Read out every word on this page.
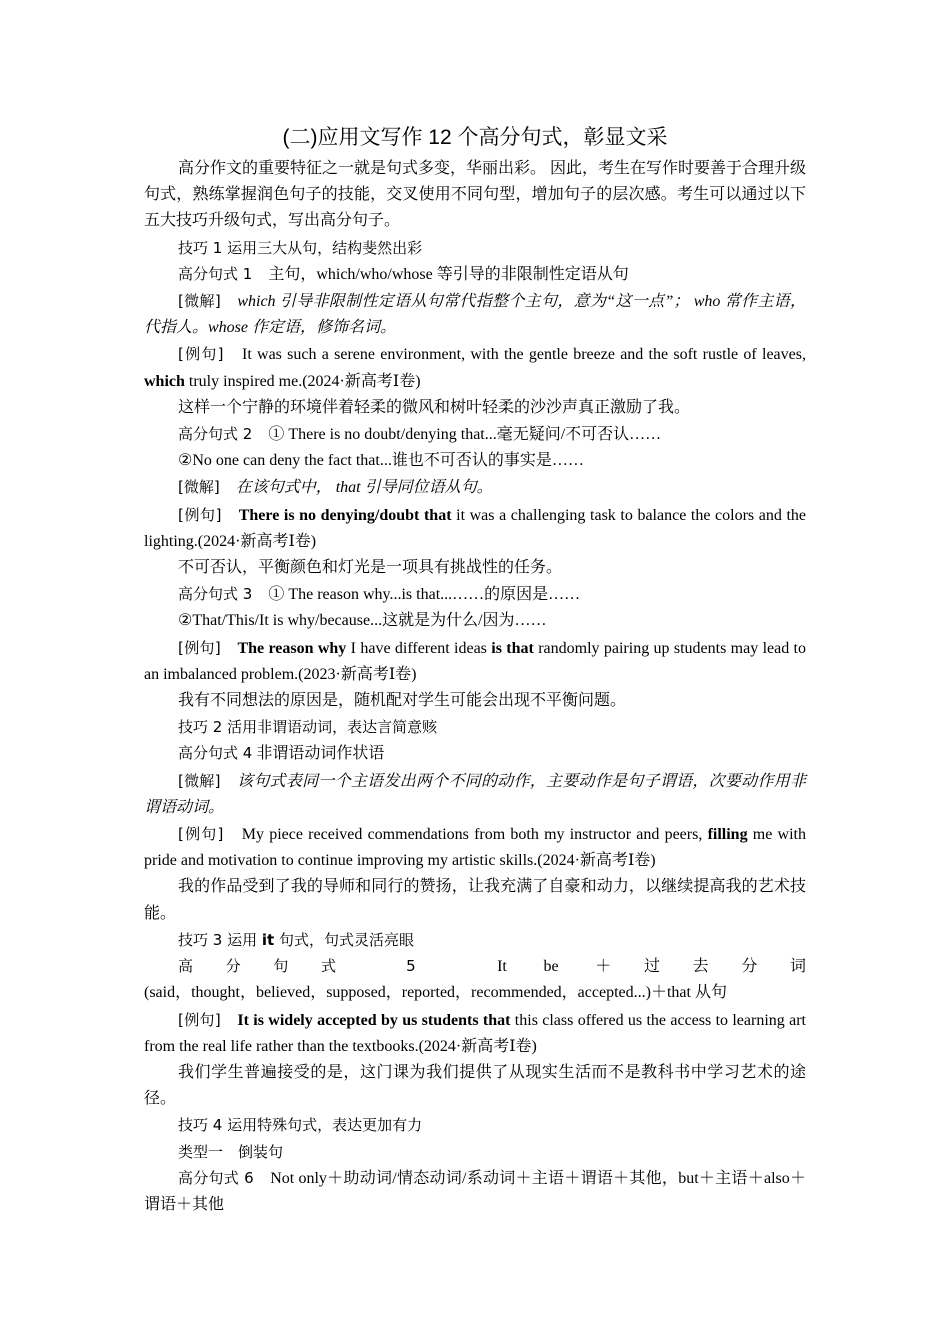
(二)应用文写作 12 个高分句式，彰显文采

高分作文的重要特征之一就是句式多变，华丽出彩。 因此，考生在写作时要善于合理升级句式，熟练掌握润色句子的技能，交叉使用不同句型，增加句子的层次感。考生可以通过以下五大技巧升级句式，写出高分句子。

技巧 1 运用三大从句，结构斐然出彩

高分句式 1　 主句，which/who/whose 等引导的非限制性定语从句

[微解]　 which 引导非限制性定语从句常代指整个主句，意为“这一点”； who 常作主语，代指人。whose 作定语，修饰名词。

[例句]　 It was such a serene environment, with the gentle breeze and the soft rustle of leaves, which truly inspired me.(2024·新高考Ⅰ卷)

这样一个宁静的环境伴着轻柔的微风和树叶轻柔的沙沙声真正激励了我。

高分句式 2　 ① There is no doubt/denying that...毫无疑问/不可否认……

②No one can deny the fact that...谁也不可否认的事实是……

[微解]　 在该句式中， that 引导同位语从句。

[例句]　 There is no denying/doubt that it was a challenging task to balance the colors and the lighting.(2024·新高考Ⅰ卷)

不可否认，平衡颜色和灯光是一项具有挑战性的任务。

高分句式 3　 ① The reason why...is that...……的原因是……

②That/This/It is why/because...这就是为什么/因为……

[例句]　 The reason why I have different ideas is that randomly pairing up students may lead to an imbalanced problem.(2023·新高考Ⅰ卷)

我有不同想法的原因是，随机配对学生可能会出现不平衡问题。

技巧 2 活用非谓语动词，表达言简意赅

高分句式 4 非谓语动词作状语

[微解]　 该句式表同一个主语发出两个不同的动作，主要动作是句子谓语，次要动作用非谓语动词。

[例句]　 My piece received commendations from both my instructor and peers, filling me with pride and motivation to continue improving my artistic skills.(2024·新高考Ⅰ卷)

我的作品受到了我的导师和同行的赞扬，让我充满了自豪和动力，以继续提高我的艺术技能。

技巧 3 运用 it 句式，句式灵活亮眼

高分句式 5　	It be ＋过去分词

(said，thought，believed，supposed，reported，recommended，accepted...)＋that 从句

[例句]　 It is widely accepted by us students that this class offered us the access to learning art from the real life rather than the textbooks.(2024·新高考Ⅰ卷)

我们学生普遍接受的是，这门课为我们提供了从现实生活而不是教科书中学习艺术的途径。

技巧 4 运用特殊句式，表达更加有力

类型一　倒装句

高分句式 6　 Not only＋助动词/情态动词/系动词＋主语＋谓语＋其他，but＋主语＋also＋谓语＋其他
